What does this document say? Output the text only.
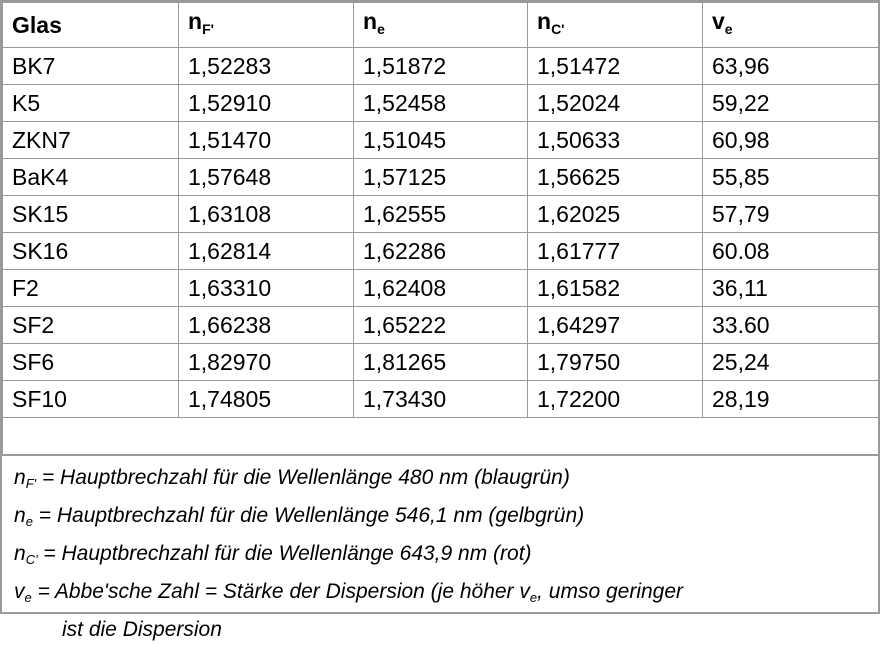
Glas	$n_{F'}$	$n_e$	$n_{C'}$	$v_e$
BK7	1,52283	1,51872	1,51472	63,96
K5	1,52910	1,52458	1,52024	59,22
ZKN7	1,51470	1,51045	1,50633	60,98
BaK4	1,57648	1,57125	1,56625	55,85
SK15	1,63108	1,62555	1,62025	57,79
SK16	1,62814	1,62286	1,61777	60.08
F2	1,63310	1,62408	1,61582	36,11
SF2	1,66238	1,65222	1,64297	33.60
SF6	1,82970	1,81265	1,79750	25,24
SF10	1,74805	1,73430	1,72200	28,19

$n_{F'}$ = Hauptbrechzahl für die Wellenlänge 480 nm (blaugrün)
$n_e$ = Hauptbrechzahl für die Wellenlänge 546,1 nm (gelbgrün)
$n_{C'}$ = Hauptbrechzahl für die Wellenlänge 643,9 nm (rot)
$v_e$ = Abbe'sche Zahl = Stärke der Dispersion (je höher $v_e$, umso geringer
ist die Dispersion
